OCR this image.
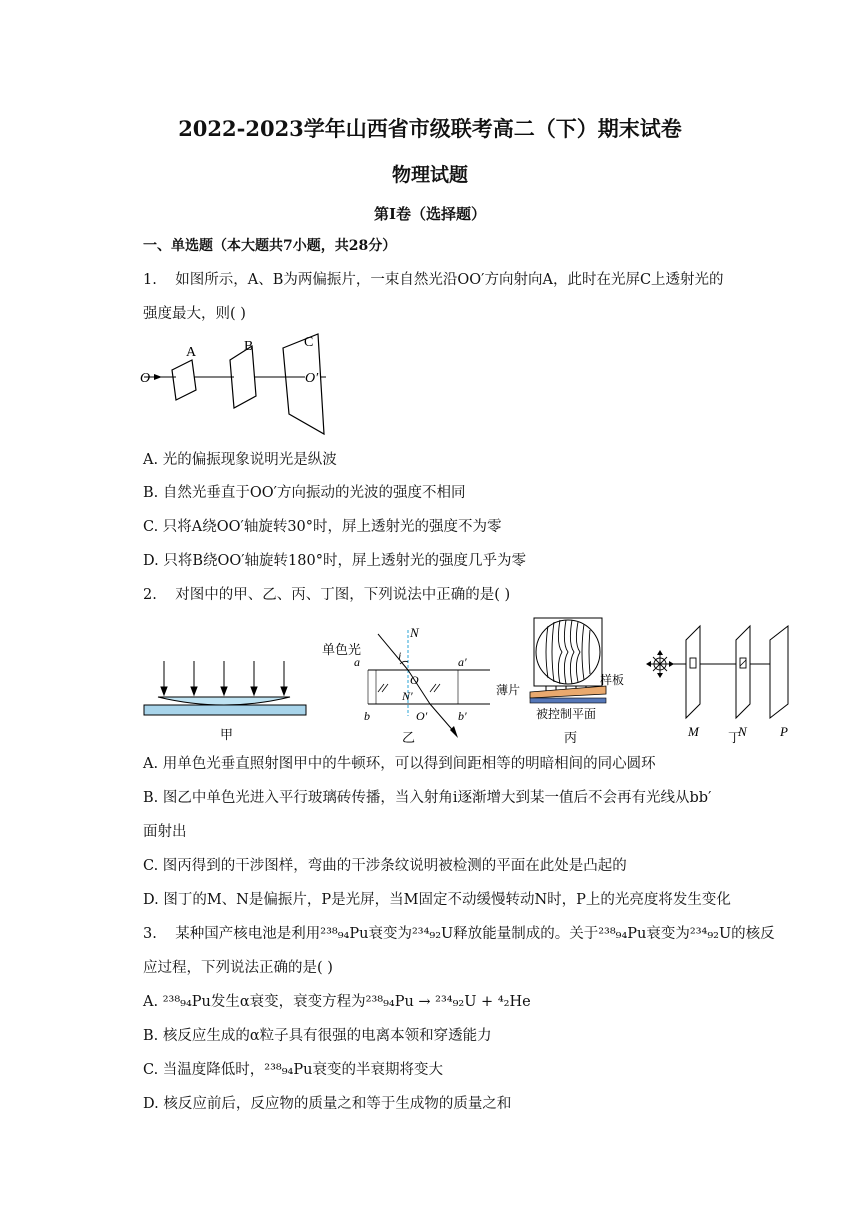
2022-2023学年山西省市级联考高二（下）期末试卷
物理试题
第Ⅰ卷（选择题）
一、单选题（本大题共7小题，共28分）
1. 如图所示，A、B为两偏振片，一束自然光沿OO′方向射向A，此时在光屏C上透射光的
强度最大，则( )
O
A	B	C
O′
A. 光的偏振现象说明光是纵波
B. 自然光垂直于OO′方向振动的光波的强度不相同
C. 只将A绕OO′轴旋转30°时，屏上透射光的强度不为零
D. 只将B绕OO′轴旋转180°时，屏上透射光的强度几乎为零
2. 对图中的甲、乙、丙、丁图，下列说法中正确的是( )
甲
单色光
N
a	i
O
a′
N′
b	O′	b′
乙
薄片
样板
被控制平面
丙	M	N	P
丁
A. 用单色光垂直照射图甲中的牛顿环，可以得到间距相等的明暗相间的同心圆环
B. 图乙中单色光进入平行玻璃砖传播，当入射角i逐渐增大到某一值后不会再有光线从bb′
面射出
C. 图丙得到的干涉图样，弯曲的干涉条纹说明被检测的平面在此处是凸起的
D. 图丁的M、N是偏振片，P是光屏，当M固定不动缓慢转动N时，P上的光亮度将发生变化
3. 某种国产核电池是利用²³⁸₉₄Pu衰变为²³⁴₉₂U释放能量制成的。关于²³⁸₉₄Pu衰变为²³⁴₉₂U的核反
应过程，下列说法正确的是( )
A. ²³⁸₉₄Pu发生α衰变，衰变方程为²³⁸₉₄Pu → ²³⁴₉₂U + ⁴₂He
B. 核反应生成的α粒子具有很强的电离本领和穿透能力
C. 当温度降低时，²³⁸₉₄Pu衰变的半衰期将变大
D. 核反应前后，反应物的质量之和等于生成物的质量之和
